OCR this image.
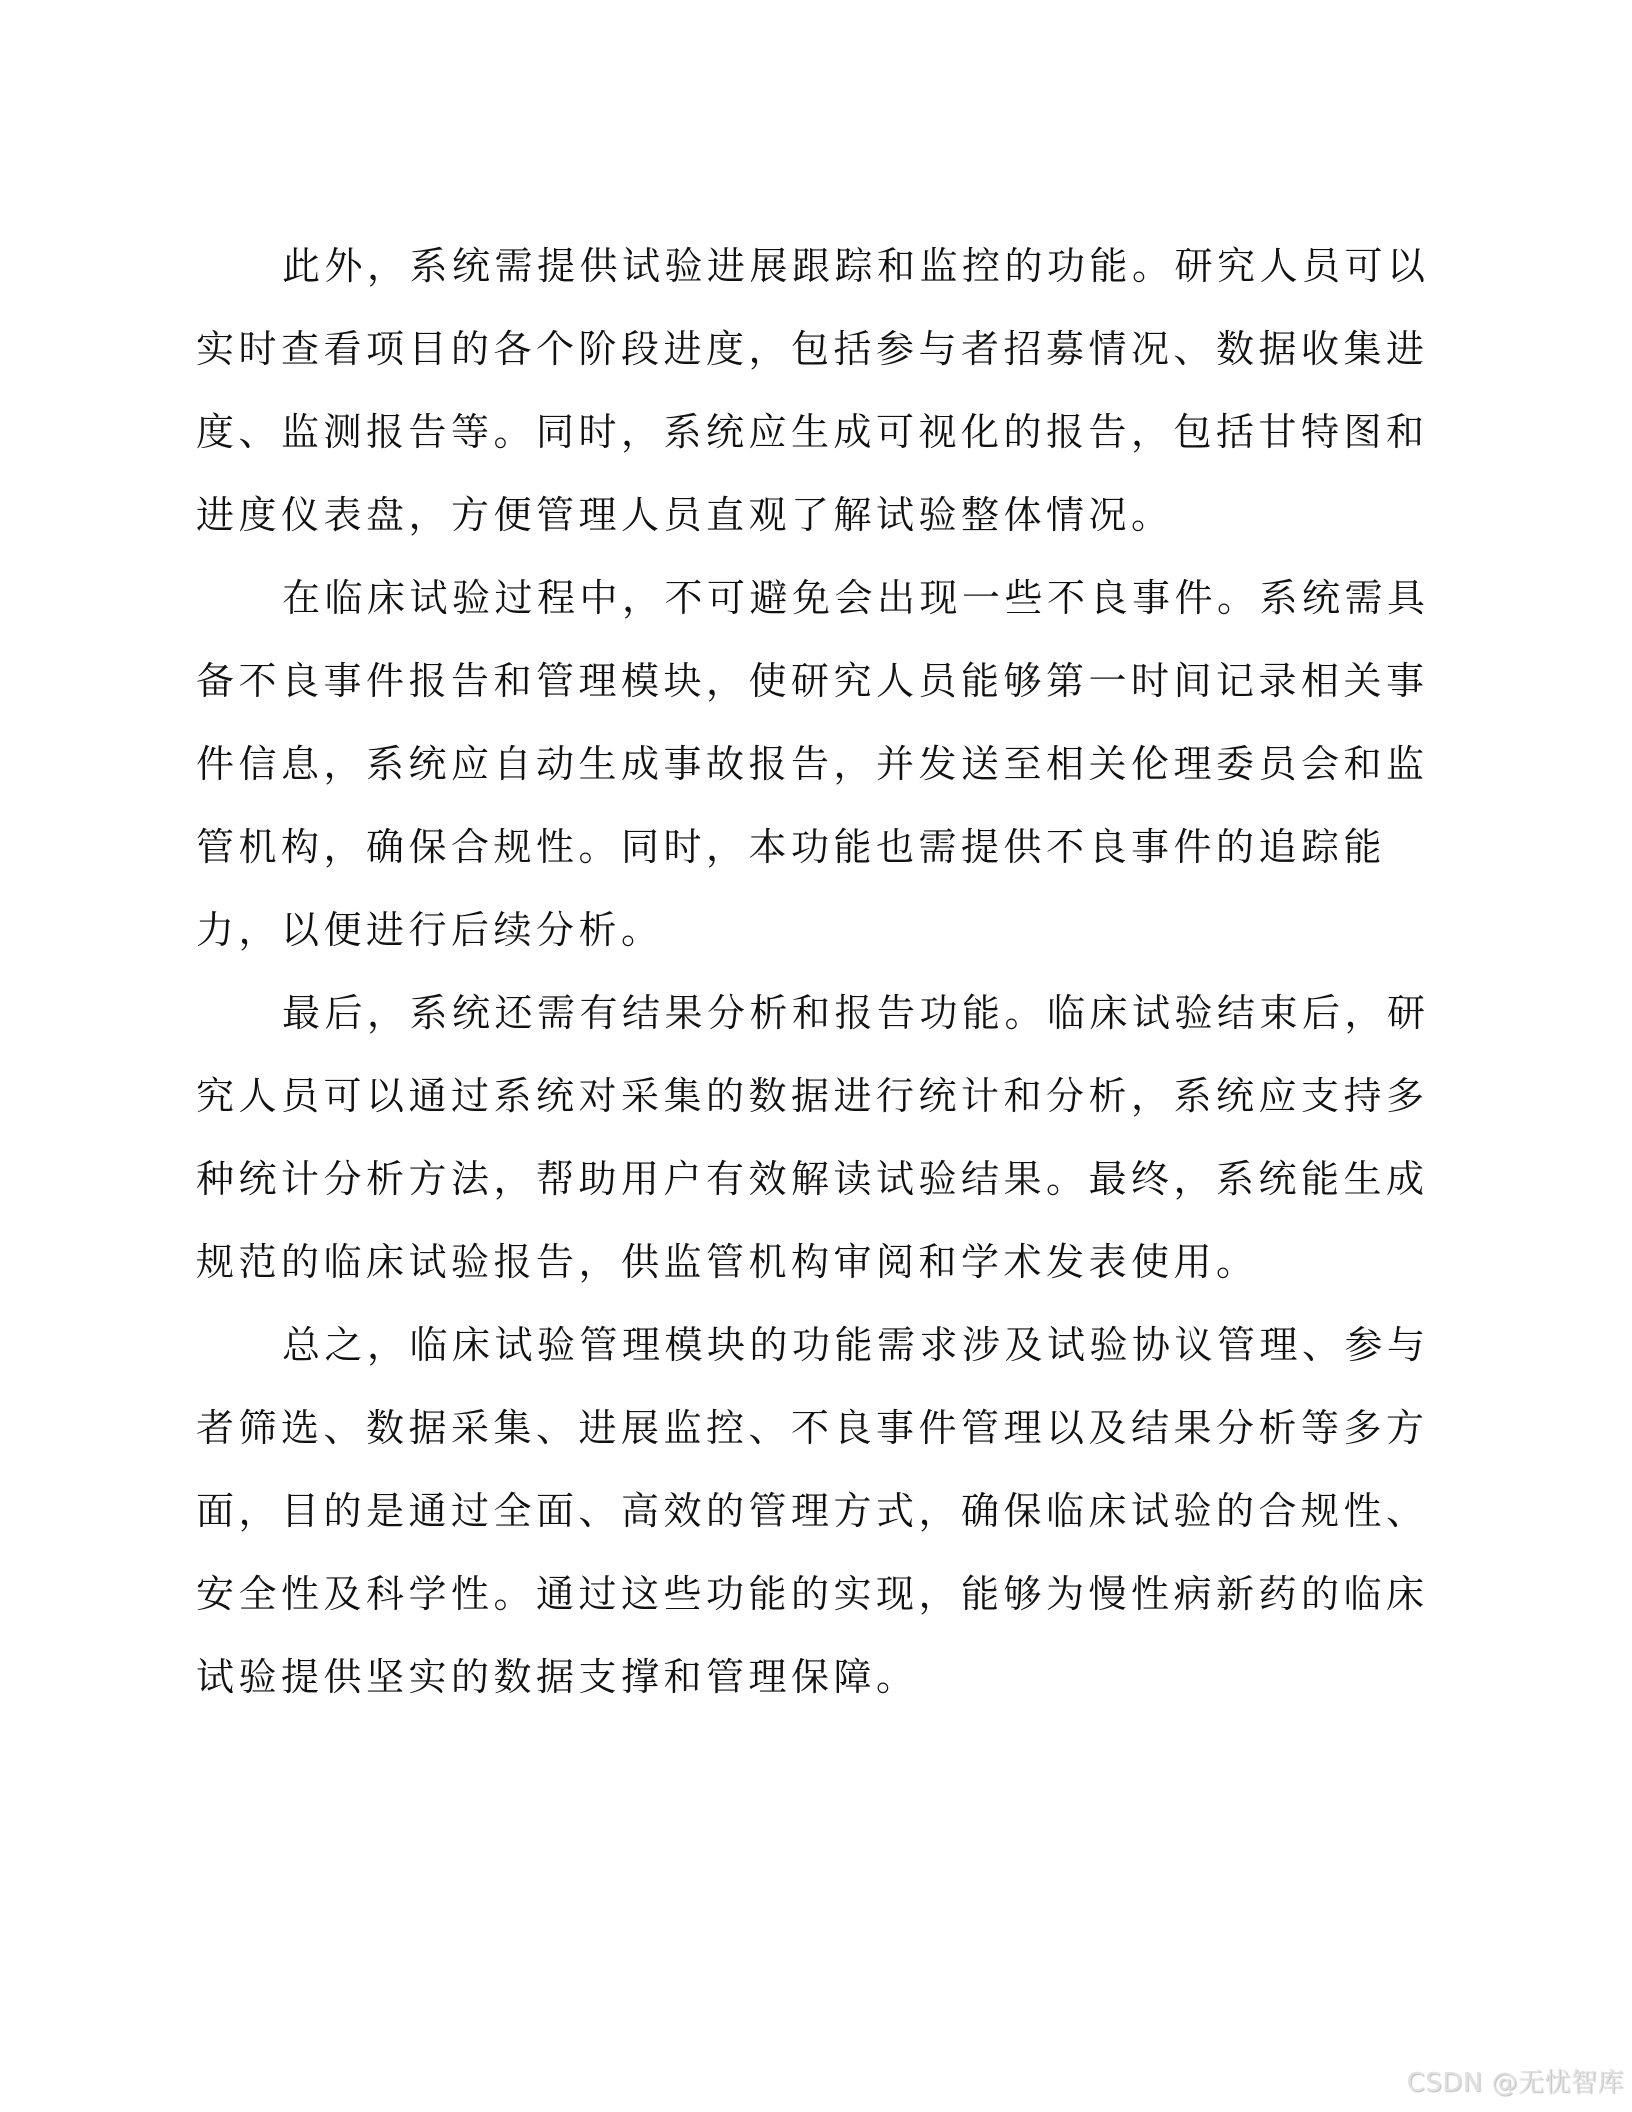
此外，系统需提供试验进展跟踪和监控的功能。研究人员可以
实时查看项目的各个阶段进度，包括参与者招募情况、数据收集进
度、监测报告等。同时，系统应生成可视化的报告，包括甘特图和
进度仪表盘，方便管理人员直观了解试验整体情况。

在临床试验过程中，不可避免会出现一些不良事件。系统需具
备不良事件报告和管理模块，使研究人员能够第一时间记录相关事
件信息，系统应自动生成事故报告，并发送至相关伦理委员会和监
管机构，确保合规性。同时，本功能也需提供不良事件的追踪能
力，以便进行后续分析。

最后，系统还需有结果分析和报告功能。临床试验结束后，研
究人员可以通过系统对采集的数据进行统计和分析，系统应支持多
种统计分析方法，帮助用户有效解读试验结果。最终，系统能生成
规范的临床试验报告，供监管机构审阅和学术发表使用。

总之，临床试验管理模块的功能需求涉及试验协议管理、参与
者筛选、数据采集、进展监控、不良事件管理以及结果分析等多方
面，目的是通过全面、高效的管理方式，确保临床试验的合规性、
安全性及科学性。通过这些功能的实现，能够为慢性病新药的临床
试验提供坚实的数据支撑和管理保障。

CSDN @无忧智库
